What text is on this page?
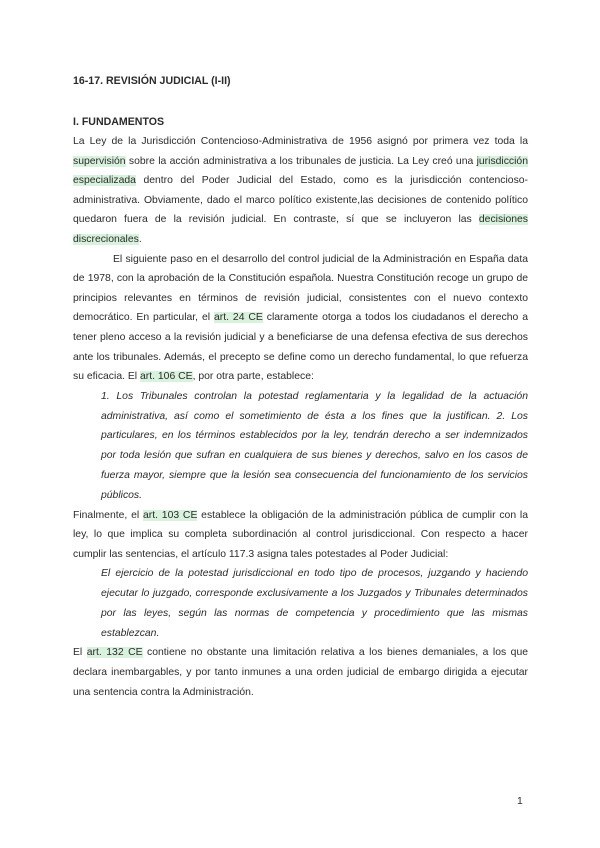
16-17. REVISIÓN JUDICIAL (I-II)
I. FUNDAMENTOS

La Ley de la Jurisdicción Contencioso-Administrativa de 1956 asignó por primera vez toda la supervisión sobre la acción administrativa a los tribunales de justicia. La Ley creó una jurisdicción especializada dentro del Poder Judicial del Estado, como es la jurisdicción contencioso-administrativa. Obviamente, dado el marco político existente,las decisiones de contenido político quedaron fuera de la revisión judicial. En contraste, sí que se incluyeron las decisiones discrecionales.

El siguiente paso en el desarrollo del control judicial de la Administración en España data de 1978, con la aprobación de la Constitución española. Nuestra Constitución recoge un grupo de principios relevantes en términos de revisión judicial, consistentes con el nuevo contexto democrático. En particular, el art. 24 CE claramente otorga a todos los ciudadanos el derecho a tener pleno acceso a la revisión judicial y a beneficiarse de una defensa efectiva de sus derechos ante los tribunales. Además, el precepto se define como un derecho fundamental, lo que refuerza su eficacia. El art. 106 CE, por otra parte, establece:

1. Los Tribunales controlan la potestad reglamentaria y la legalidad de la actuación administrativa, así como el sometimiento de ésta a los fines que la justifican. 2. Los particulares, en los términos establecidos por la ley, tendrán derecho a ser indemnizados por toda lesión que sufran en cualquiera de sus bienes y derechos, salvo en los casos de fuerza mayor, siempre que la lesión sea consecuencia del funcionamiento de los servicios públicos.

Finalmente, el art. 103 CE establece la obligación de la administración pública de cumplir con la ley, lo que implica su completa subordinación al control jurisdiccional. Con respecto a hacer cumplir las sentencias, el artículo 117.3 asigna tales potestades al Poder Judicial:

El ejercicio de la potestad jurisdiccional en todo tipo de procesos, juzgando y haciendo ejecutar lo juzgado, corresponde exclusivamente a los Juzgados y Tribunales determinados por las leyes, según las normas de competencia y procedimiento que las mismas establezcan.

El art. 132 CE contiene no obstante una limitación relativa a los bienes demaniales, a los que declara inembargables, y por tanto inmunes a una orden judicial de embargo dirigida a ejecutar una sentencia contra la Administración.

1
